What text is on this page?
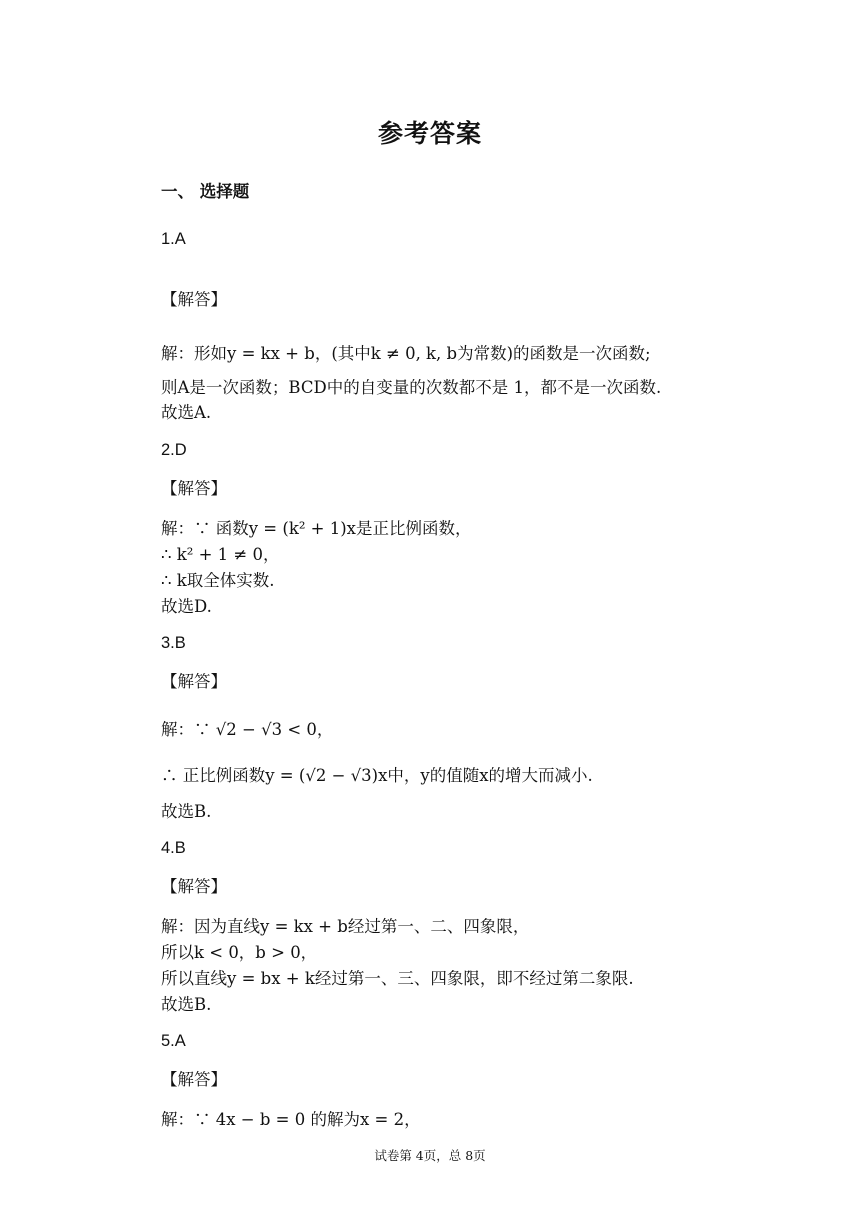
参考答案
一、 选择题
1.A
【解答】
解：形如y = kx + b，(其中k ≠ 0, k, b为常数)的函数是一次函数;
则A是一次函数；BCD中的自变量的次数都不是 1，都不是一次函数.
故选A.
2.D
【解答】
解：∵ 函数y = (k² + 1)x是正比例函数，
∴ k² + 1 ≠ 0，
∴ k取全体实数.
故选D.
3.B
【解答】
解：∵ √2 − √3 < 0，
∴ 正比例函数y = (√2 − √3)x中，y的值随x的增大而减小.
故选B.
4.B
【解答】
解：因为直线y = kx + b经过第一、二、四象限，
所以k < 0，b > 0，
所以直线y = bx + k经过第一、三、四象限，即不经过第二象限.
故选B.
5.A
【解答】
解：∵ 4x − b = 0 的解为x = 2，
试卷第 4页，总 8页
